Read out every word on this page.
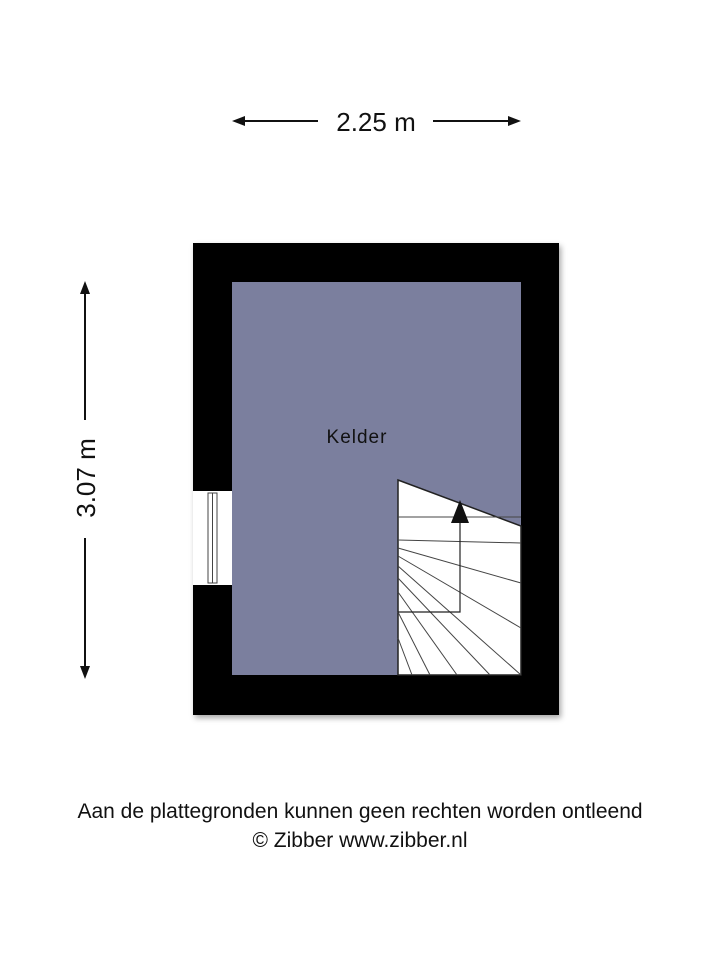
2.25 m
3.07 m
Kelder
Aan de plattegronden kunnen geen rechten worden ontleend
© Zibber www.zibber.nl
